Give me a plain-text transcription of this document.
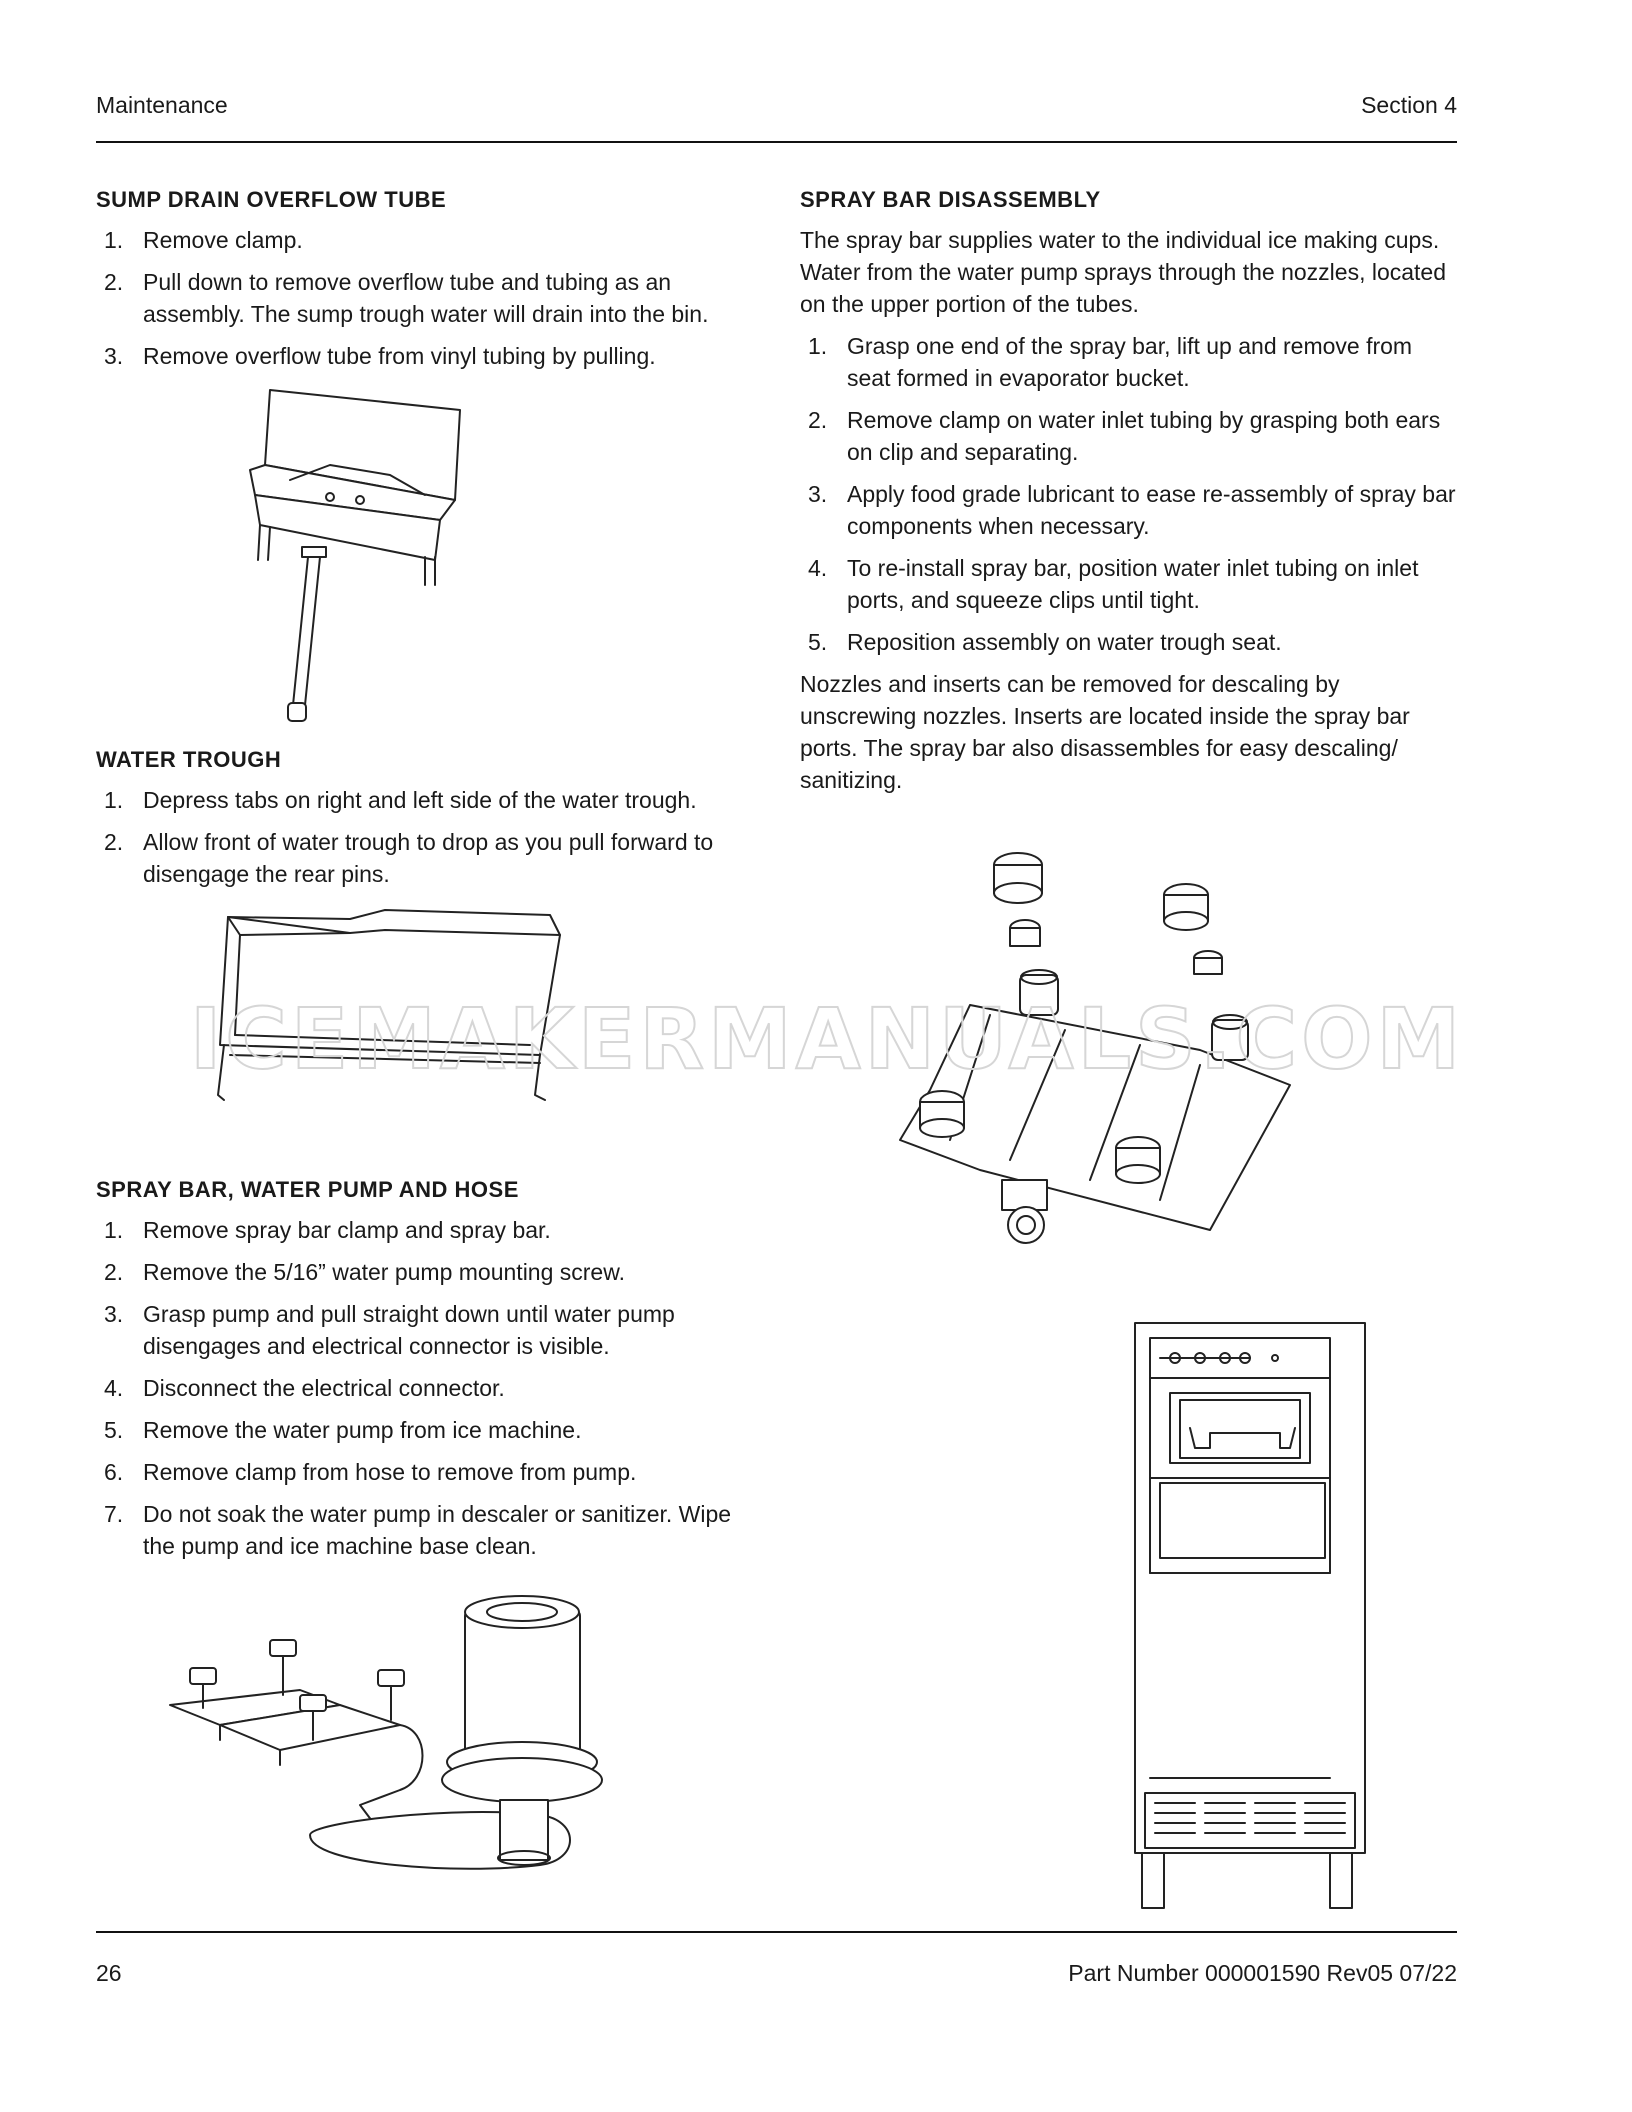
Maintenance	Section 4
SUMP DRAIN OVERFLOW TUBE
1. Remove clamp.
2. Pull down to remove overflow tube and tubing as an assembly. The sump trough water will drain into the bin.
3. Remove overflow tube from vinyl tubing by pulling.
WATER TROUGH
1. Depress tabs on right and left side of the water trough.
2. Allow front of water trough to drop as you pull forward to disengage the rear pins.
SPRAY BAR, WATER PUMP AND HOSE
1. Remove spray bar clamp and spray bar.
2. Remove the 5/16” water pump mounting screw.
3. Grasp pump and pull straight down until water pump disengages and electrical connector is visible.
4. Disconnect the electrical connector.
5. Remove the water pump from ice machine.
6. Remove clamp from hose to remove from pump.
7. Do not soak the water pump in descaler or sanitizer. Wipe the pump and ice machine base clean.
SPRAY BAR DISASSEMBLY

The spray bar supplies water to the individual ice making cups. Water from the water pump sprays through the nozzles, located on the upper portion of the tubes.

1. Grasp one end of the spray bar, lift up and remove from seat formed in evaporator bucket.
2. Remove clamp on water inlet tubing by grasping both ears on clip and separating.
3. Apply food grade lubricant to ease re-assembly of spray bar components when necessary.
4. To re-install spray bar, position water inlet tubing on inlet ports, and squeeze clips until tight.
5. Reposition assembly on water trough seat.

Nozzles and inserts can be removed for descaling by unscrewing nozzles. Inserts are located inside the spray bar ports. The spray bar also disassembles for easy descaling/ sanitizing.

ICEMAKERMANUALS.COM
26	Part Number 000001590 Rev05 07/22
